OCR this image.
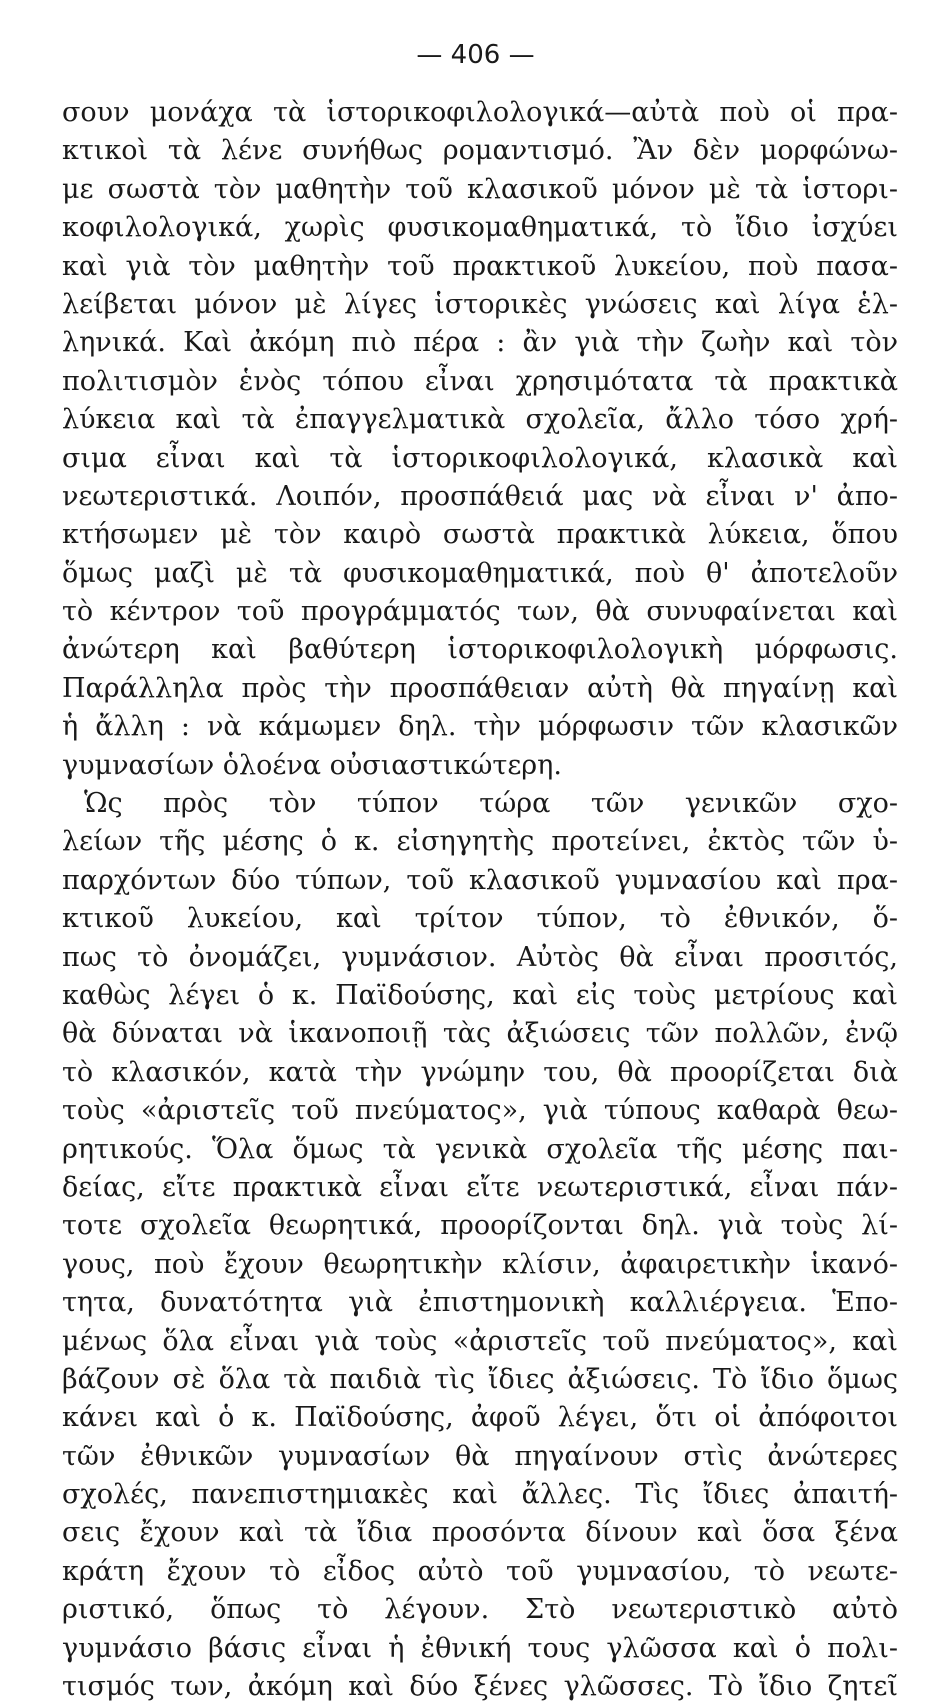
— 406 —
σουν μονάχα τὰ ἱστορικοφιλολογικά—αὐτὰ ποὺ οἱ πρα-
κτικοὶ τὰ λένε συνήθως ρομαντισμό. Ἂν δὲν μορφώνω-
με σωστὰ τὸν μαθητὴν τοῦ κλασικοῦ μόνον μὲ τὰ ἱστορι-
κοφιλολογικά, χωρὶς φυσικομαθηματικά, τὸ ἴδιο ἰσχύει
καὶ γιὰ τὸν μαθητὴν τοῦ πρακτικοῦ λυκείου, ποὺ πασα-
λείβεται μόνον μὲ λίγες ἱστορικὲς γνώσεις καὶ λίγα ἑλ-
ληνικά. Καὶ ἀκόμη πιὸ πέρα : ἂν γιὰ τὴν ζωὴν καὶ τὸν
πολιτισμὸν ἑνὸς τόπου εἶναι χρησιμότατα τὰ πρακτικὰ
λύκεια καὶ τὰ ἐπαγγελματικὰ σχολεῖα, ἄλλο τόσο χρή-
σιμα εἶναι καὶ τὰ ἱστορικοφιλολογικά, κλασικὰ καὶ
νεωτεριστικά. Λοιπόν, προσπάθειά μας νὰ εἶναι ν' ἀπο-
κτήσωμεν μὲ τὸν καιρὸ σωστὰ πρακτικὰ λύκεια, ὅπου
ὅμως μαζὶ μὲ τὰ φυσικομαθηματικά, ποὺ θ' ἀποτελοῦν
τὸ κέντρον τοῦ προγράμματός των, θὰ συνυφαίνεται καὶ
ἀνώτερη καὶ βαθύτερη ἱστορικοφιλολογικὴ μόρφωσις.
Παράλληλα πρὸς τὴν προσπάθειαν αὐτὴ θὰ πηγαίνῃ καὶ
ἡ ἄλλη : νὰ κάμωμεν δηλ. τὴν μόρφωσιν τῶν κλασικῶν
γυμνασίων ὁλοένα οὐσιαστικώτερη.
Ὡς πρὸς τὸν τύπον τώρα τῶν γενικῶν σχο-
λείων τῆς μέσης ὁ κ. εἰσηγητὴς προτείνει, ἐκτὸς τῶν ὑ-
παρχόντων δύο τύπων, τοῦ κλασικοῦ γυμνασίου καὶ πρα-
κτικοῦ λυκείου, καὶ τρίτον τύπον, τὸ ἐθνικόν, ὅ-
πως τὸ ὀνομάζει, γυμνάσιον. Αὐτὸς θὰ εἶναι προσιτός,
καθὼς λέγει ὁ κ. Παϊδούσης, καὶ εἰς τοὺς μετρίους καὶ
θὰ δύναται νὰ ἱκανοποιῇ τὰς ἀξιώσεις τῶν πολλῶν, ἐνῷ
τὸ κλασικόν, κατὰ τὴν γνώμην του, θὰ προορίζεται διὰ
τοὺς «ἀριστεῖς τοῦ πνεύματος», γιὰ τύπους καθαρὰ θεω-
ρητικούς. Ὅλα ὅμως τὰ γενικὰ σχολεῖα τῆς μέσης παι-
δείας, εἴτε πρακτικὰ εἶναι εἴτε νεωτεριστικά, εἶναι πάν-
τοτε σχολεῖα θεωρητικά, προορίζονται δηλ. γιὰ τοὺς λί-
γους, ποὺ ἔχουν θεωρητικὴν κλίσιν, ἀφαιρετικὴν ἱκανό-
τητα, δυνατότητα γιὰ ἐπιστημονικὴ καλλιέργεια. Ἑπο-
μένως ὅλα εἶναι γιὰ τοὺς «ἀριστεῖς τοῦ πνεύματος», καὶ
βάζουν σὲ ὅλα τὰ παιδιὰ τὶς ἴδιες ἀξιώσεις. Τὸ ἴδιο ὅμως
κάνει καὶ ὁ κ. Παϊδούσης, ἀφοῦ λέγει, ὅτι οἱ ἀπόφοιτοι
τῶν ἐθνικῶν γυμνασίων θὰ πηγαίνουν στὶς ἀνώτερες
σχολές, πανεπιστημιακὲς καὶ ἄλλες. Τὶς ἴδιες ἀπαιτή-
σεις ἔχουν καὶ τὰ ἴδια προσόντα δίνουν καὶ ὅσα ξένα
κράτη ἔχουν τὸ εἶδος αὐτὸ τοῦ γυμνασίου, τὸ νεωτε-
ριστικό, ὅπως τὸ λέγουν. Στὸ νεωτεριστικὸ αὐτὸ
γυμνάσιο βάσις εἶναι ἡ ἐθνική τους γλῶσσα καὶ ὁ πολι-
τισμός των, ἀκόμη καὶ δύο ξένες γλῶσσες. Τὸ ἴδιο ζητεῖ
